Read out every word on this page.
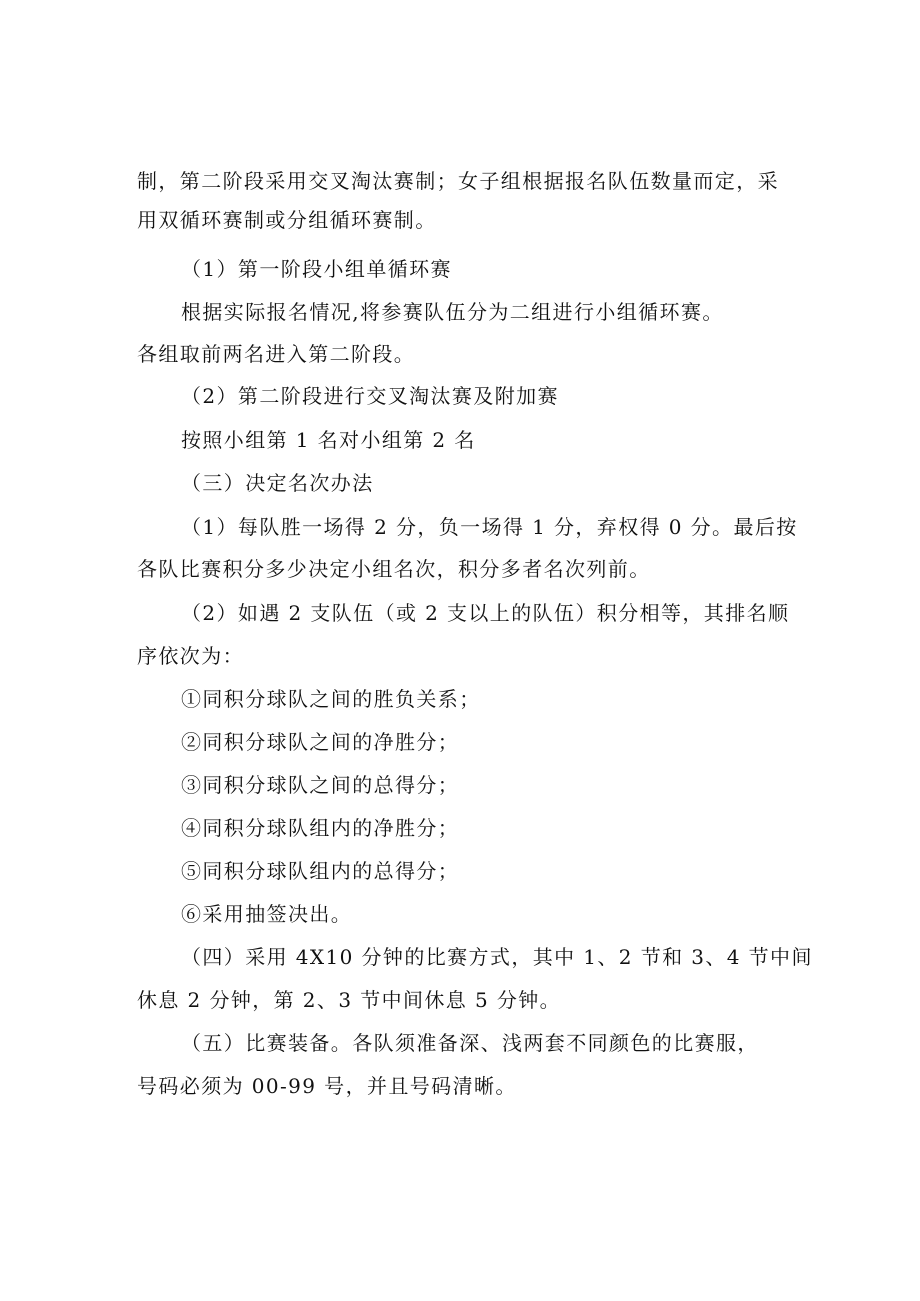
制，第二阶段采用交叉淘汰赛制；女子组根据报名队伍数量而定，采

用双循环赛制或分组循环赛制。

（1）第一阶段小组单循环赛

根据实际报名情况,将参赛队伍分为二组进行小组循环赛。

各组取前两名进入第二阶段。

（2）第二阶段进行交叉淘汰赛及附加赛

按照小组第 1 名对小组第 2 名

（三）决定名次办法

（1）每队胜一场得 2 分，负一场得 1 分，弃权得 0 分。最后按

各队比赛积分多少决定小组名次，积分多者名次列前。

（2）如遇 2 支队伍（或 2 支以上的队伍）积分相等，其排名顺

序依次为：

①同积分球队之间的胜负关系；

②同积分球队之间的净胜分；

③同积分球队之间的总得分；

④同积分球队组内的净胜分；

⑤同积分球队组内的总得分；

⑥采用抽签决出。

（四）采用 4X10 分钟的比赛方式，其中 1、2 节和 3、4 节中间

休息 2 分钟，第 2、3 节中间休息 5 分钟。

（五）比赛装备。各队须准备深、浅两套不同颜色的比赛服，

号码必须为 00-99 号，并且号码清晰。
